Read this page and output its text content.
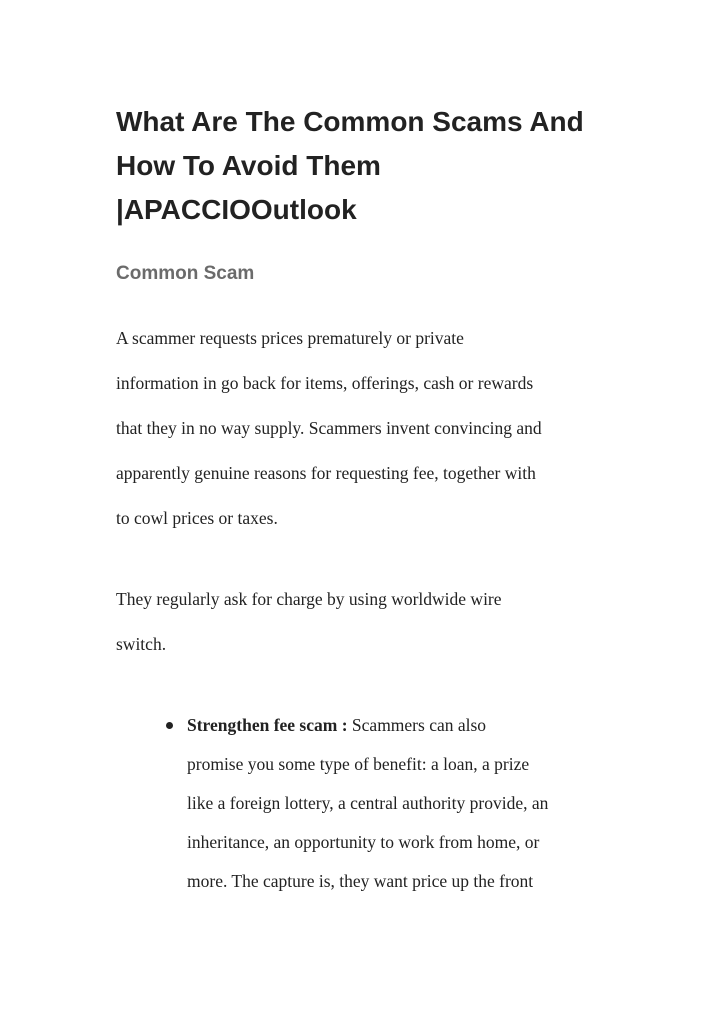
What Are The Common Scams And
How To Avoid Them
|APACCIOOutlook
Common Scam

A scammer requests prices prematurely or private
information in go back for items, offerings, cash or rewards
that they in no way supply. Scammers invent convincing and
apparently genuine reasons for requesting fee, together with
to cowl prices or taxes.

They regularly ask for charge by using worldwide wire
switch.

Strengthen fee scam : Scammers can also
promise you some type of benefit: a loan, a prize
like a foreign lottery, a central authority provide, an
inheritance, an opportunity to work from home, or
more. The capture is, they want price up the front
